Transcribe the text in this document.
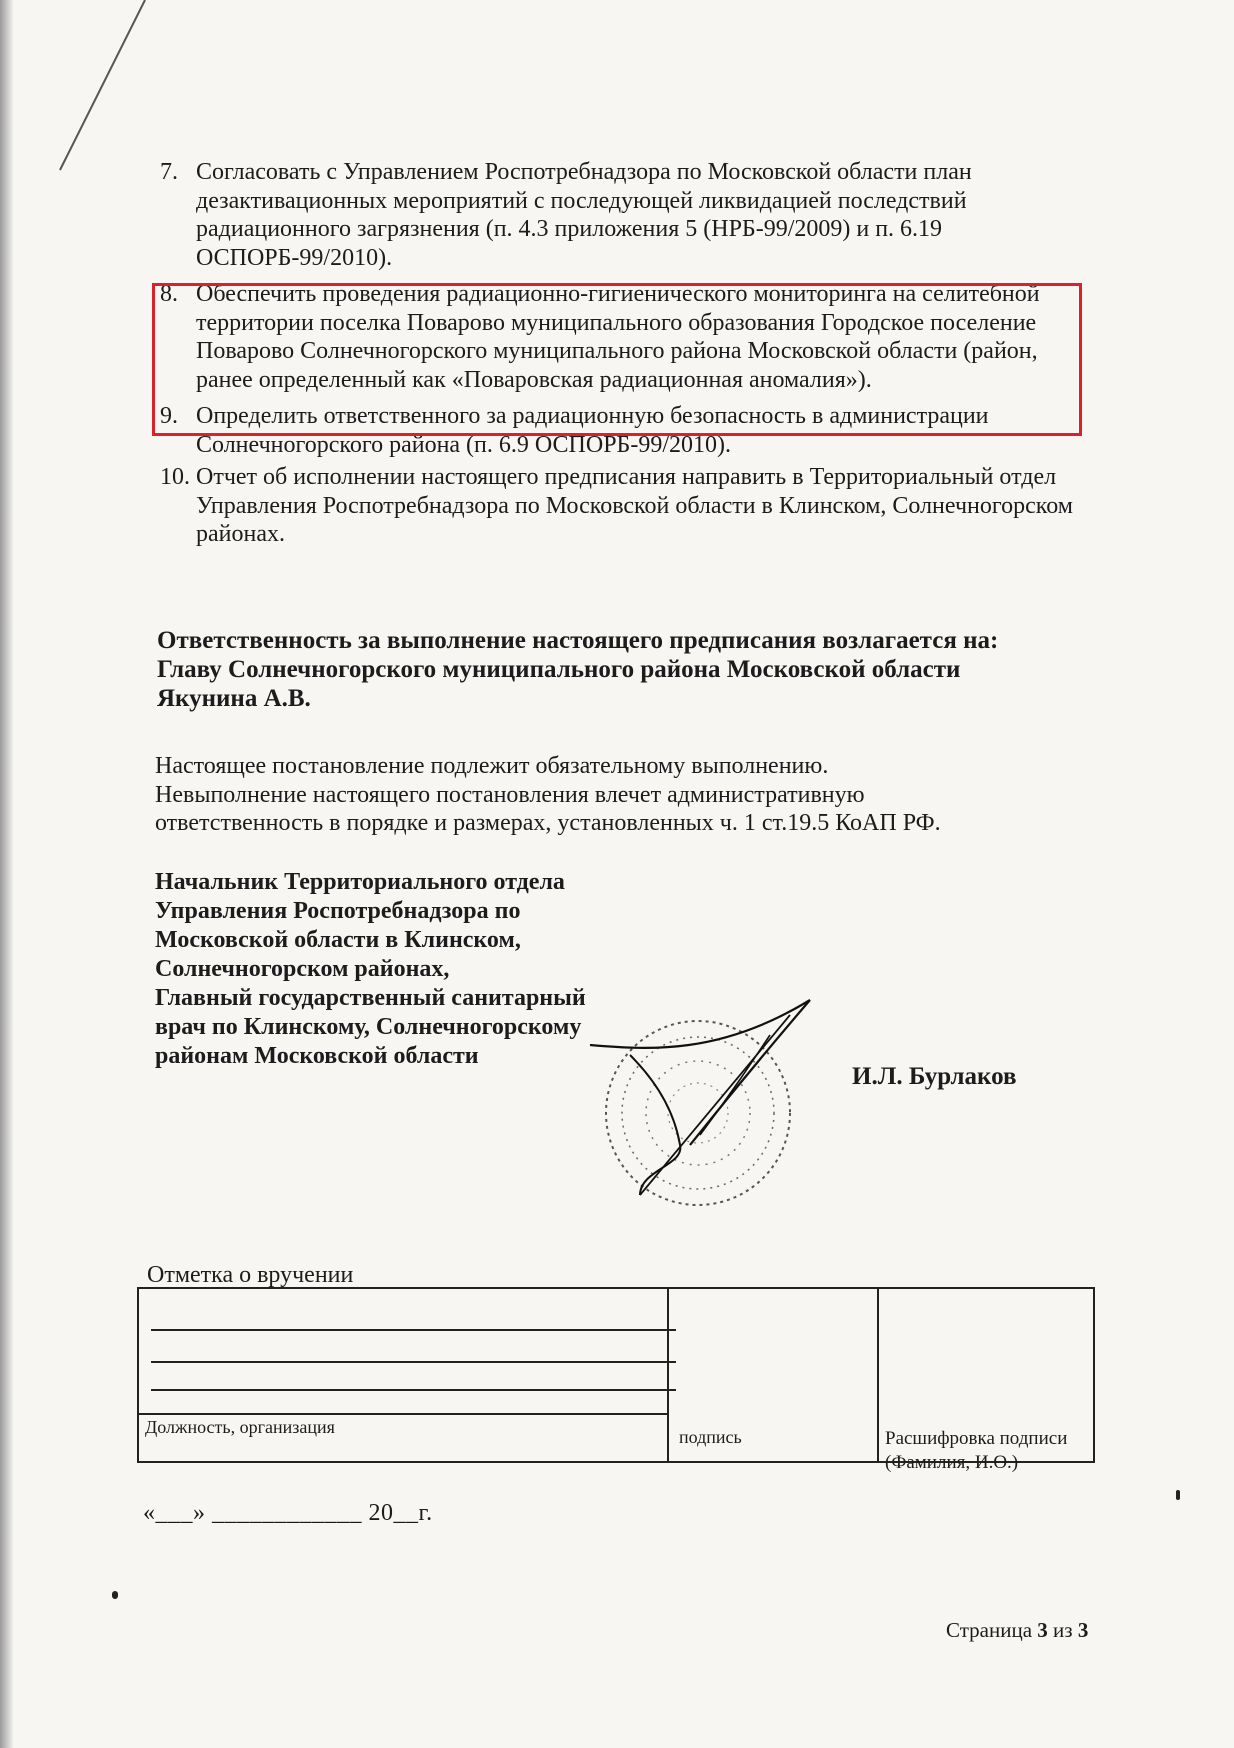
7. Согласовать с Управлением Роспотребнадзора по Московской области план дезактивационных мероприятий с последующей ликвидацией последствий радиационного загрязнения (п. 4.3 приложения 5 (НРБ-99/2009) и п. 6.19 ОСПОРБ-99/2010).
8. Обеспечить проведения радиационно-гигиенического мониторинга на селитебной территории поселка Поварово муниципального образования Городское поселение Поварово Солнечногорского муниципального района Московской области (район, ранее определенный как «Поваровская радиационная аномалия»).
9. Определить ответственного за радиационную безопасность в администрации Солнечногорского района (п. 6.9 ОСПОРБ-99/2010).
10. Отчет об исполнении настоящего предписания направить в Территориальный отдел Управления Роспотребнадзора по Московской области в Клинском, Солнечногорском районах.
Ответственность за выполнение настоящего предписания возлагается на:
Главу Солнечногорского муниципального района Московской области
Якунина А.В.
Настоящее постановление подлежит обязательному выполнению.
Невыполнение настоящего постановления влечет административную
ответственность в порядке и размерах, установленных ч. 1 ст.19.5 КоАП РФ.
Начальник Территориального отдела
Управления Роспотребнадзора по
Московской области в Клинском,
Солнечногорском районах,
Главный государственный санитарный
врач по Клинскому, Солнечногорскому
районам Московской области
И.Л. Бурлаков
Отметка о вручении
Должность, организация	подпись	Расшифровка подписи
(Фамилия, И.О.)
«___» ____________ 20__г.
Страница 3 из 3
